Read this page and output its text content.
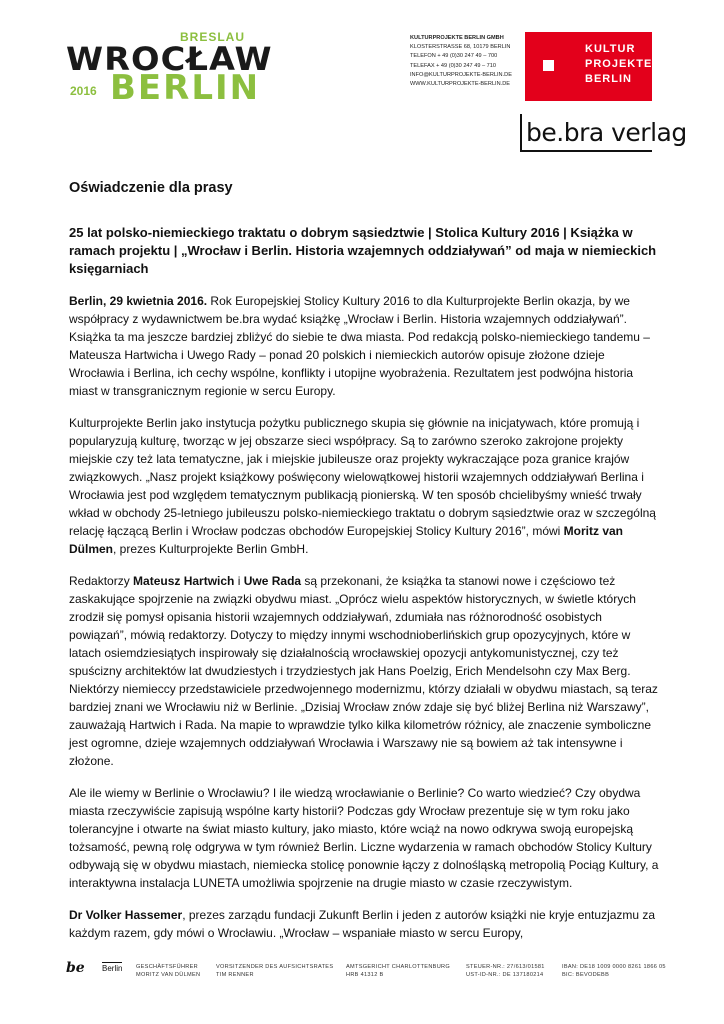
BRESLAU
WROCŁAW
2016 BERLIN
KULTURPROJEKTE BERLIN GMBH
KLOSTERSTRASSE 68, 10179 BERLIN
TELEFON + 49 (0)30 247 49 – 700
TELEFAX + 49 (0)30 247 49 – 710
INFO@KULTURPROJEKTE-BERLIN.DE
WWW.KULTURPROJEKTE-BERLIN.DE
KULTUR
PROJEKTE
BERLIN
be.bra verlag
Oświadczenie dla prasy
25 lat polsko-niemieckiego traktatu o dobrym sąsiedztwie | Stolica Kultury 2016 | Książka w ramach projektu | „Wrocław i Berlin. Historia wzajemnych oddziaływań” od maja w niemieckich księgarniach

Berlin, 29 kwietnia 2016. Rok Europejskiej Stolicy Kultury 2016 to dla Kulturprojekte Berlin okazja, by we współpracy z wydawnictwem be.bra wydać książkę „Wrocław i Berlin. Historia wzajemnych oddziaływań”. Książka ta ma jeszcze bardziej zbliżyć do siebie te dwa miasta. Pod redakcją polsko-niemieckiego tandemu – Mateusza Hartwicha i Uwego Rady – ponad 20 polskich i niemieckich autorów opisuje złożone dzieje Wrocławia i Berlina, ich cechy wspólne, konflikty i utopijne wyobrażenia. Rezultatem jest podwójna historia miast w transgranicznym regionie w sercu Europy.

Kulturprojekte Berlin jako instytucja pożytku publicznego skupia się głównie na inicjatywach, które promują i popularyzują kulturę, tworząc w jej obszarze sieci współpracy. Są to zarówno szeroko zakrojone projekty miejskie czy też lata tematyczne, jak i miejskie jubileusze oraz projekty wykraczające poza granice krajów związkowych. „Nasz projekt książkowy poświęcony wielowątkowej historii wzajemnych oddziaływań Berlina i Wrocławia jest pod względem tematycznym publikacją pionierską. W ten sposób chcielibyśmy wnieść trwały wkład w obchody 25-letniego jubileuszu polsko-niemieckiego traktatu o dobrym sąsiedztwie oraz w szczególną relację łączącą Berlin i Wrocław podczas obchodów Europejskiej Stolicy Kultury 2016”, mówi Moritz van Dülmen, prezes Kulturprojekte Berlin GmbH.

Redaktorzy Mateusz Hartwich i Uwe Rada są przekonani, że książka ta stanowi nowe i częściowo też zaskakujące spojrzenie na związki obydwu miast. „Oprócz wielu aspektów historycznych, w świetle których zrodził się pomysł opisania historii wzajemnych oddziaływań, zdumiała nas różnorodność osobistych powiązań”, mówią redaktorzy. Dotyczy to między innymi wschodnioberlińskich grup opozycyjnych, które w latach osiemdziesiątych inspirowały się działalnością wrocławskiej opozycji antykomunistycznej, czy też spuścizny architektów lat dwudziestych i trzydziestych jak Hans Poelzig, Erich Mendelsohn czy Max Berg. Niektórzy niemieccy przedstawiciele przedwojennego modernizmu, którzy działali w obydwu miastach, są teraz bardziej znani we Wrocławiu niż w Berlinie. „Dzisiaj Wrocław znów zdaje się być bliżej Berlina niż Warszawy”, zauważają Hartwich i Rada. Na mapie to wprawdzie tylko kilka kilometrów różnicy, ale znaczenie symboliczne jest ogromne, dzieje wzajemnych oddziaływań Wrocławia i Warszawy nie są bowiem aż tak intensywne i złożone.

Ale ile wiemy w Berlinie o Wrocławiu? I ile wiedzą wrocławianie o Berlinie? Co warto wiedzieć? Czy obydwa miasta rzeczywiście zapisują wspólne karty historii? Podczas gdy Wrocław prezentuje się w tym roku jako tolerancyjne i otwarte na świat miasto kultury, jako miasto, które wciąż na nowo odkrywa swoją europejską tożsamość, pewną rolę odgrywa w tym również Berlin. Liczne wydarzenia w ramach obchodów Stolicy Kultury odbywają się w obydwu miastach, niemiecka stolicę ponownie łączy z dolnośląską metropolią Pociąg Kultury, a interaktywna instalacja LUNETA umożliwia spojrzenie na drugie miasto w czasie rzeczywistym.

Dr Volker Hassemer, prezes zarządu fundacji Zukunft Berlin i jeden z autorów książki nie kryje entuzjazmu za każdym razem, gdy mówi o Wrocławiu. „Wrocław – wspaniałe miasto w sercu Europy,

be Berlin GESCHÄFTSFÜHRER
MORITZ VAN DÜLMEN
VORSITZENDER DES AUFSICHTSRATES
TIM RENNER
AMTSGERICHT CHARLOTTENBURG
HRB 41312 B
STEUER-NR.: 27/613/01581
UST-ID-NR.: DE 137180214
IBAN: DE18 1009 0000 8261 1866 05
BIC: BEVODEBB
